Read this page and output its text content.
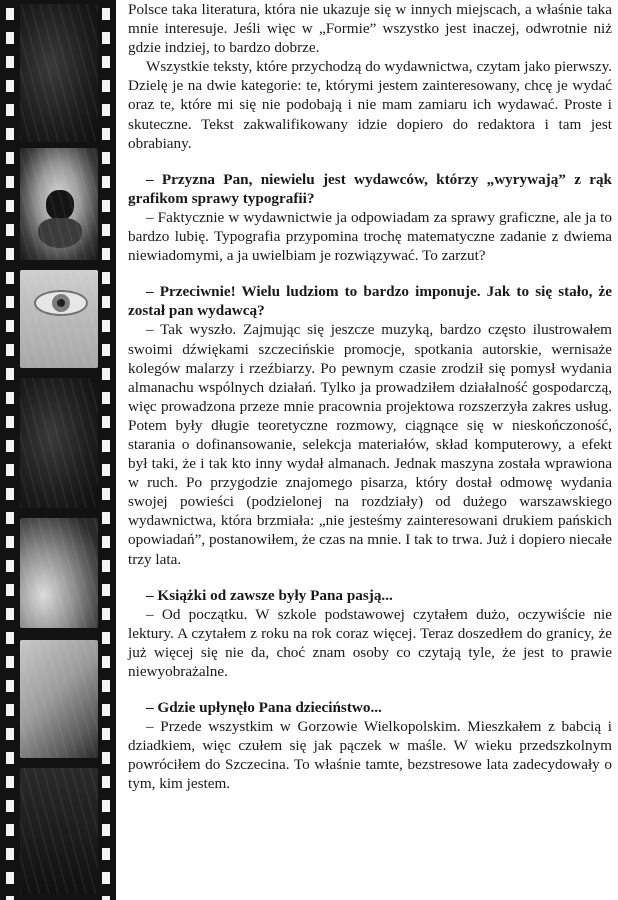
Polsce taka literatura, która nie ukazuje się w innych miejscach, a właśnie taka mnie interesuje. Jeśli więc w „Formie” wszystko jest inaczej, odwrotnie niż gdzie indziej, to bardzo dobrze.

Wszystkie teksty, które przychodzą do wydawnictwa, czytam jako pierwszy. Dzielę je na dwie kategorie: te, którymi jestem zainteresowany, chcę je wydać oraz te, które mi się nie podobają i nie mam zamiaru ich wydawać. Proste i skuteczne. Tekst zakwalifikowany idzie dopiero do redaktora i tam jest obrabiany.

– Przyzna Pan, niewielu jest wydawców, którzy „wyrywają” z rąk grafikom sprawy typografii?

– Faktycznie w wydawnictwie ja odpowiadam za sprawy graficzne, ale ja to bardzo lubię. Typografia przypomina trochę matematyczne zadanie z dwiema niewiadomymi, a ja uwielbiam je rozwiązywać. To zarzut?

– Przeciwnie! Wielu ludziom to bardzo imponuje. Jak to się stało, że został pan wydawcą?

– Tak wyszło. Zajmując się jeszcze muzyką, bardzo często ilustrowałem swoimi dźwiękami szczecińskie promocje, spotkania autorskie, wernisaże kolegów malarzy i rzeźbiarzy. Po pewnym czasie zrodził się pomysł wydania almanachu wspólnych działań. Tylko ja prowadziłem działalność gospodarczą, więc prowadzona przeze mnie pracownia projektowa rozszerzyła zakres usług. Potem były długie teoretyczne rozmowy, ciągnące się w nieskończoność, starania o dofinansowanie, selekcja materiałów, skład komputerowy, a efekt był taki, że i tak kto inny wydał almanach. Jednak maszyna została wprawiona w ruch. Po przygodzie znajomego pisarza, który dostał odmowę wydania swojej powieści (podzielonej na rozdziały) od dużego warszawskiego wydawnictwa, która brzmiała: „nie jesteśmy zainteresowani drukiem pańskich opowiadań”, postanowiłem, że czas na mnie. I tak to trwa. Już i dopiero niecałe trzy lata.

– Książki od zawsze były Pana pasją...

– Od początku. W szkole podstawowej czytałem dużo, oczywiście nie lektury. A czytałem z roku na rok coraz więcej. Teraz doszedłem do granicy, że już więcej się nie da, choć znam osoby co czytają tyle, że jest to prawie niewyobrażalne.

– Gdzie upłynęło Pana dzieciństwo...

– Przede wszystkim w Gorzowie Wielkopolskim. Mieszkałem z babcią i dziadkiem, więc czułem się jak pączek w maśle. W wieku przedszkolnym powróciłem do Szczecina. To właśnie tamte, bezstresowe lata zadecydowały o tym, kim jestem.
